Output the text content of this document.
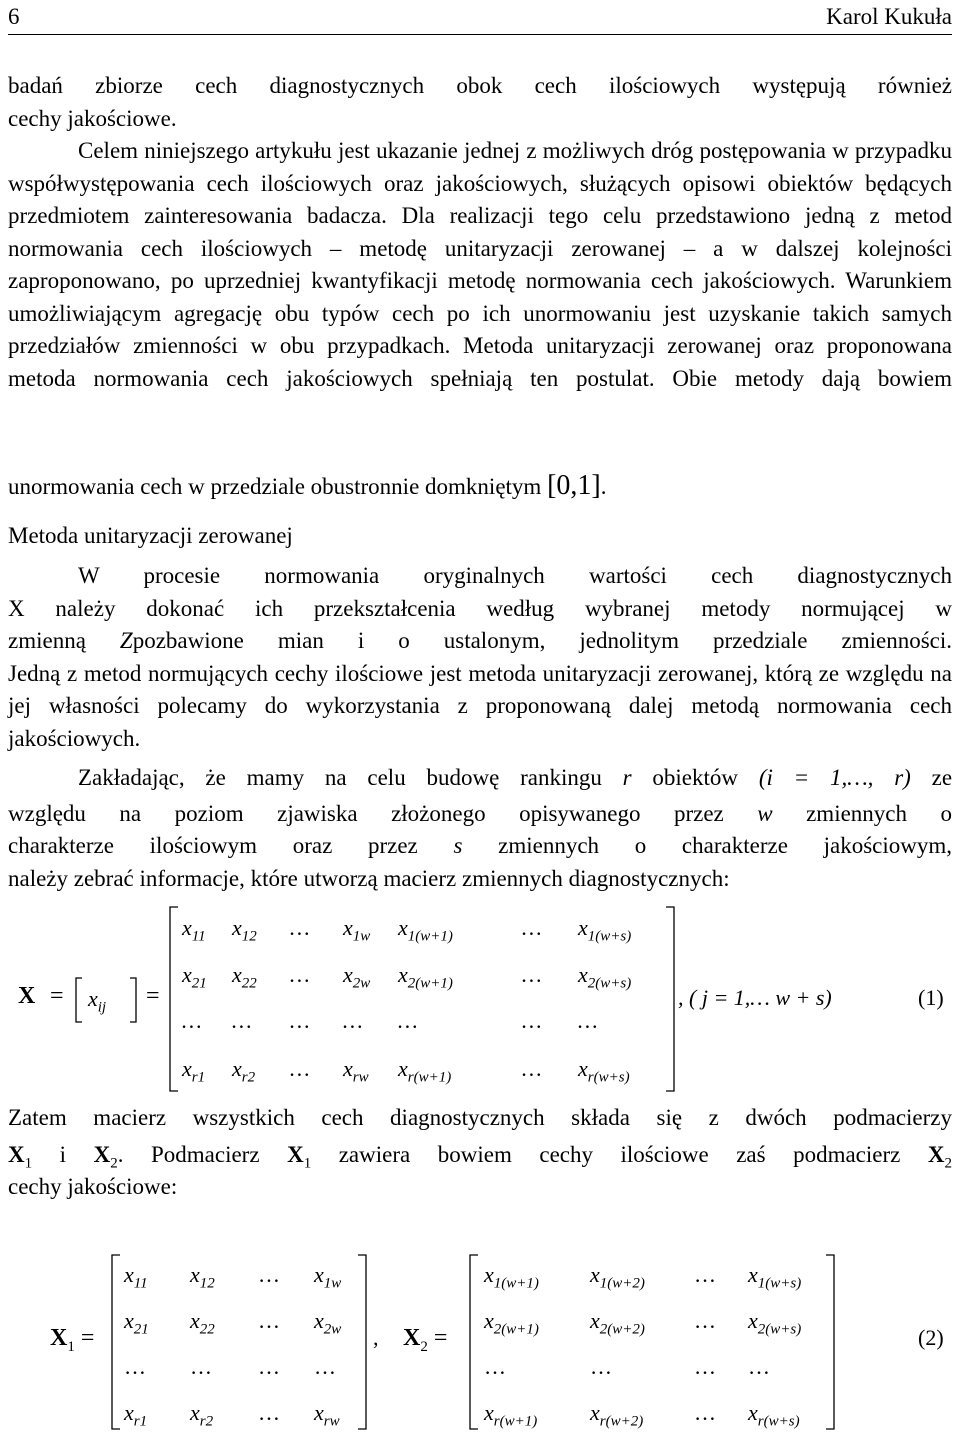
6	Karol Kukuła

badań zbiorze cech diagnostycznych obok cech ilościowych występują również

cechy jakościowe.

Celem niniejszego artykułu jest ukazanie jednej z możliwych dróg postępowania w przypadku współwystępowania cech ilościowych oraz jakościowych, służących opisowi obiektów będących przedmiotem zainteresowania badacza. Dla realizacji tego celu przedstawiono jedną z metod normowania cech ilościowych – metodę unitaryzacji zerowanej – a w dalszej kolejności zaproponowano, po uprzedniej kwantyfikacji metodę normowania cech jakościowych. Warunkiem umożliwiającym agregację obu typów cech po ich unormowaniu jest uzyskanie takich samych przedziałów zmienności w obu przypadkach. Metoda unitaryzacji zerowanej oraz proponowana metoda normowania cech jakościowych spełniają ten postulat. Obie metody dają bowiem

unormowania cech w przedziale obustronnie domkniętym [0,1].
Metoda unitaryzacji zerowanej

W procesie normowania oryginalnych wartości cech diagnostycznych

X należy dokonać ich przekształcenia według wybranej metody normującej w

zmienną Zpozbawione mian i o ustalonym, jednolitym przedziale zmienności.

Jedną z metod normujących cechy ilościowe jest metoda unitaryzacji zerowanej, którą ze względu na jej własności polecamy do wykorzystania z proponowaną dalej metodą normowania cech jakościowych.

Zakładając, że mamy na celu budowę rankingu r obiektów (i = 1,…, r) ze

względu na poziom zjawiska złożonego opisywanego przez w zmiennych o

charakterze ilościowym oraz przez s zmiennych o charakterze jakościowym,

należy zebrać informacje, które utworzą macierz zmiennych diagnostycznych:

$X = x_{ij}$ =
$x_{11}$ $x_{12}$ … $x_{1w}$ $x_{1(w+1)}$	… $x_{1(w+s)}$
$x_{21}$ $x_{22}$ … $x_{2w}$ $x_{2(w+1)}$	… $x_{2(w+s)}$
… … … … …	… …
$x_{r1}$ $x_{r2}$ … $x_{rw}$ $x_{r(w+1)}$	… $x_{r(w+s)}$
, ( j = 1,… w + s)	(1)

Zatem macierz wszystkich cech diagnostycznych składa się z dwóch podmacierzy

$X_1$ i $X_2$. Podmacierz $X_1$ zawiera bowiem cechy ilościowe zaś podmacierz $X_2$

cechy jakościowe:

$X_1$ =
$x_{11}$ $x_{12}$ … $x_{1w}$
$x_{21}$ $x_{22}$ … $x_{2w}$
… … … …
$x_{r1}$ $x_{r2}$ … $x_{rw}$
, $X_2$ =
$x_{1(w+1)}$ $x_{1(w+2)}$ … $x_{1(w+s)}$
$x_{2(w+1)}$ $x_{2(w+2)}$ … $x_{2(w+s)}$
…	…	… …
$x_{r(w+1)}$ $x_{r(w+2)}$ … $x_{r(w+s)}$
(2)
